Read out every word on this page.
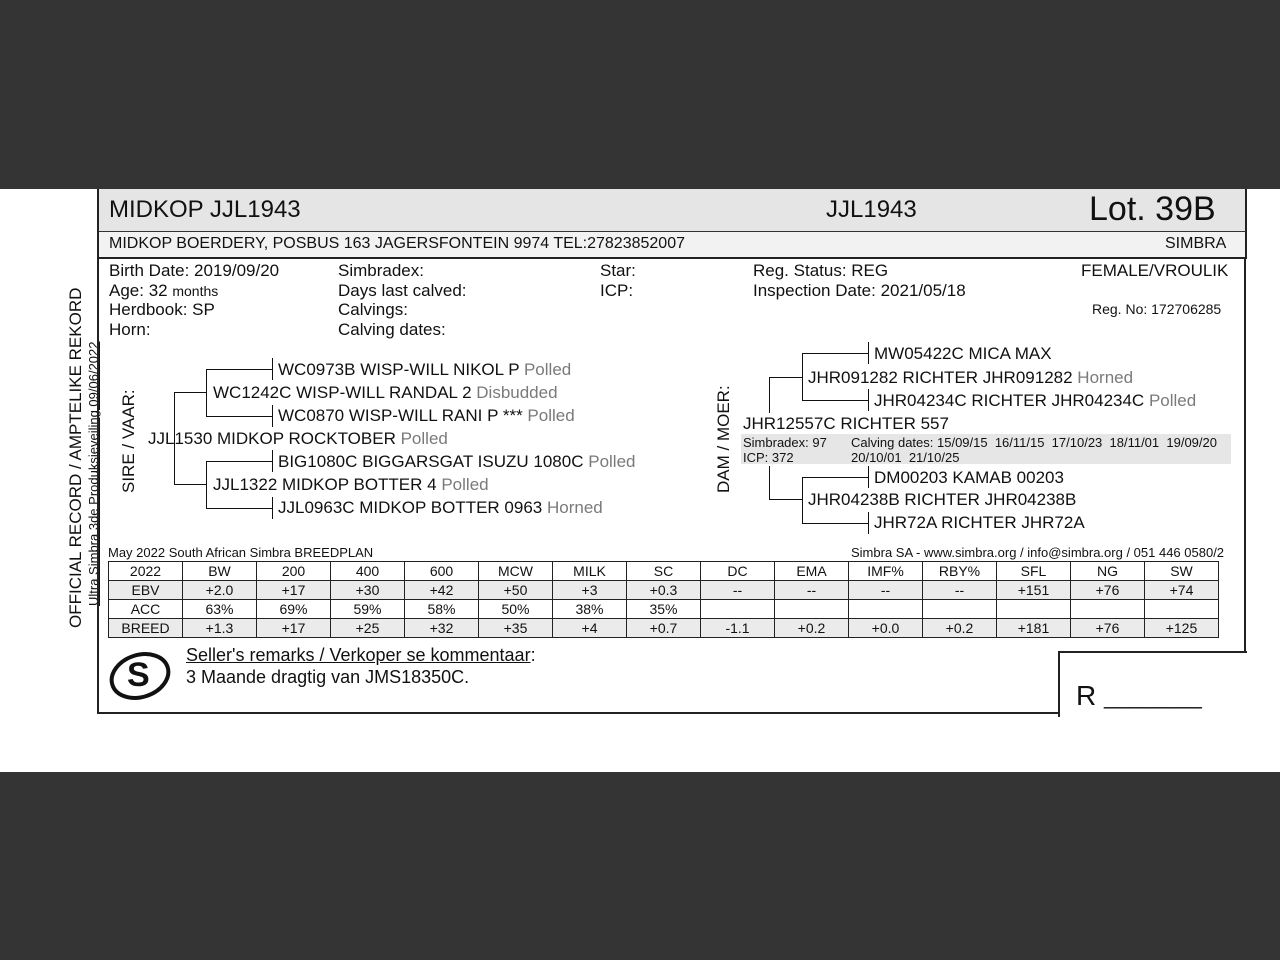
OFFICIAL RECORD / AMPTELIKE REKORD Ultra Simbra 3de Produksieveiling 09/06/2022
MIDKOP JJL1943	JJL1943	Lot. 39B
MIDKOP BOERDERY, POSBUS 163 JAGERSFONTEIN 9974 TEL:27823852007	SIMBRA
Birth Date: 2019/09/20
Age: 32 months
Herdbook: SP
Horn:
Simbradex:
Days last calved:
Calvings:
Calving dates:
Star:
ICP:
Reg. Status: REG
Inspection Date: 2021/05/18
FEMALE/VROULIK
Reg. No: 172706285
SIRE / VAAR:	DAM / MOER:
JJL1530 MIDKOP ROCKTOBER Polled
WC1242C WISP-WILL RANDAL 2 Disbudded
WC0973B WISP-WILL NIKOL P Polled
WC0870 WISP-WILL RANI P *** Polled
JJL1322 MIDKOP BOTTER 4 Polled
BIG1080C BIGGARSGAT ISUZU 1080C Polled
JJL0963C MIDKOP BOTTER 0963 Horned
JHR12557C RICHTER 557
Simbradex: 97
ICP: 372
Calving dates: 15/09/15  16/11/15  17/10/23  18/11/01  19/09/20
20/10/01  21/10/25
JHR091282 RICHTER JHR091282 Horned
MW05422C MICA MAX
JHR04234C RICHTER JHR04234C Polled
JHR04238B RICHTER JHR04238B
DM00203 KAMAB 00203
JHR72A RICHTER JHR72A
May 2022 South African Simbra BREEDPLAN	Simbra SA - www.simbra.org / info@simbra.org / 051 446 0580/2
2022	BW	200	400	600	MCW	MILK	SC	DC	EMA	IMF%	RBY%	SFL	NG	SW
EBV	+2.0	+17	+30	+42	+50	+3	+0.3	--	--	--	--	+151	+76	+74
ACC	63%	69%	59%	58%	50%	38%	35%							
BREED	+1.3	+17	+25	+32	+35	+4	+0.7	-1.1	+0.2	+0.0	+0.2	+181	+76	+125
S
Seller's remarks / Verkoper se kommentaar:
3 Maande dragtig van JMS18350C.
R ________
